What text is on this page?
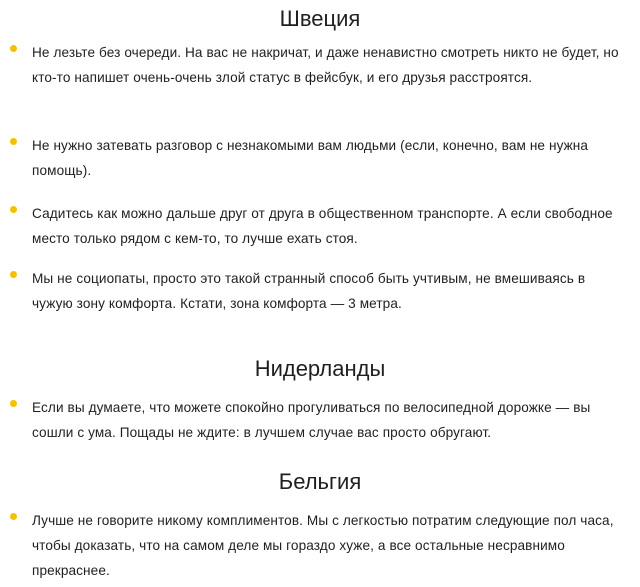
Швеция

Не лезьте без очереди. На вас не накричат, и даже ненавистно смотреть никто не будет, но кто-то напишет очень-очень злой статус в фейсбук, и его друзья расстроятся.

Не нужно затевать разговор с незнакомыми вам людьми (если, конечно, вам не нужна помощь).

Садитесь как можно дальше друг от друга в общественном транспорте. А если свободное место только рядом с кем-то, то лучше ехать стоя.

Мы не социопаты, просто это такой странный способ быть учтивым, не вмешиваясь в чужую зону комфорта. Кстати, зона комфорта — 3 метра.

Нидерланды

Если вы думаете, что можете спокойно прогуливаться по велосипедной дорожке — вы сошли с ума. Пощады не ждите: в лучшем случае вас просто обругают.

Бельгия

Лучше не говорите никому комплиментов. Мы с легкостью потратим следующие пол часа, чтобы доказать, что на самом деле мы гораздо хуже, а все остальные несравнимо прекраснее.
